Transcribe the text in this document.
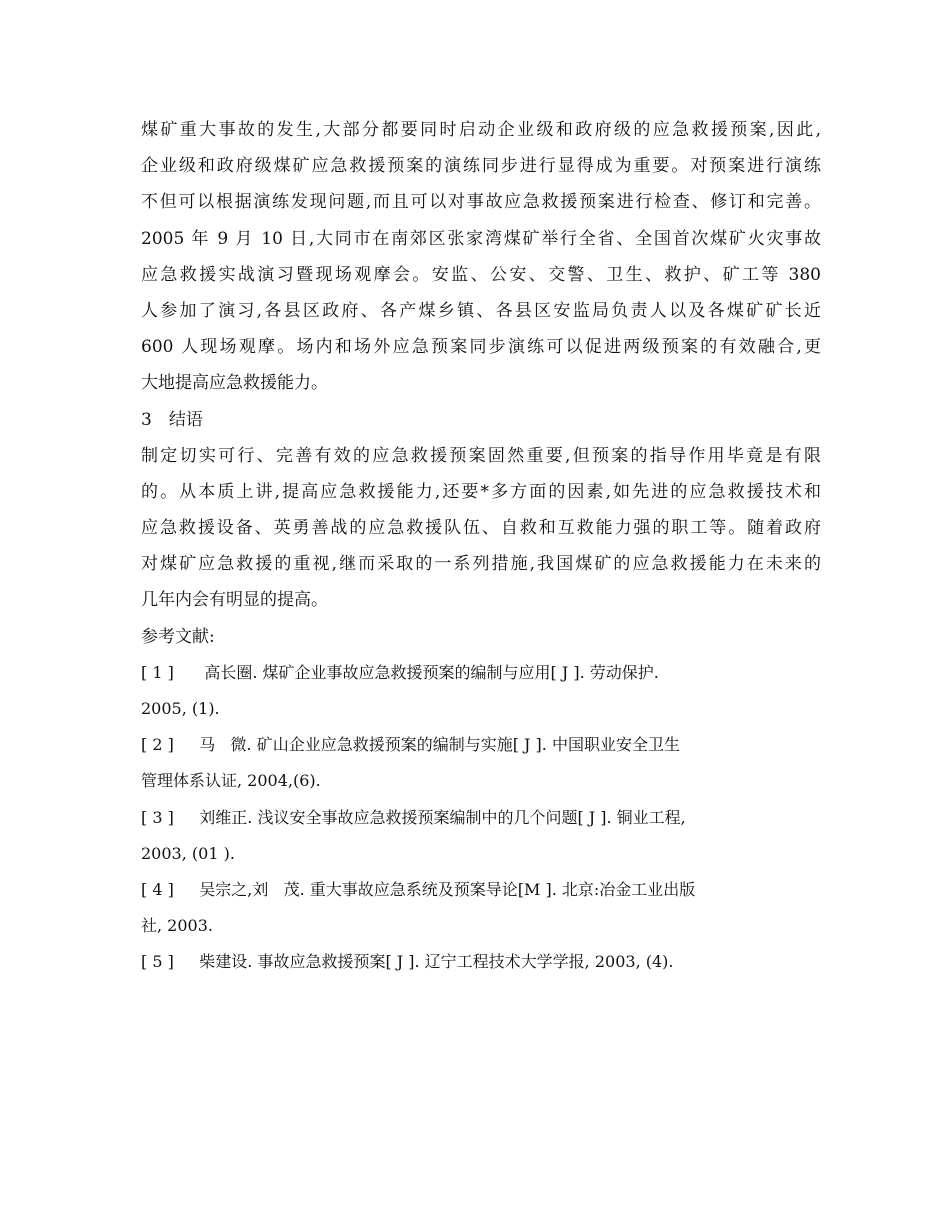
煤矿重大事故的发生,大部分都要同时启动企业级和政府级的应急救援预案,因此,
企业级和政府级煤矿应急救援预案的演练同步进行显得成为重要。对预案进行演练
不但可以根据演练发现问题,而且可以对事故应急救援预案进行检查、修订和完善。
2005 年 9 月 10 日,大同市在南郊区张家湾煤矿举行全省、全国首次煤矿火灾事故
应急救援实战演习暨现场观摩会。安监、公安、交警、卫生、救护、矿工等 380
人参加了演习,各县区政府、各产煤乡镇、各县区安监局负责人以及各煤矿矿长近
600 人现场观摩。场内和场外应急预案同步演练可以促进两级预案的有效融合,更
大地提高应急救援能力。
3　结语
制定切实可行、完善有效的应急救援预案固然重要,但预案的指导作用毕竟是有限
的。从本质上讲,提高应急救援能力,还要*多方面的因素,如先进的应急救援技术和
应急救援设备、英勇善战的应急救援队伍、自救和互救能力强的职工等。随着政府
对煤矿应急救援的重视,继而采取的一系列措施,我国煤矿的应急救援能力在未来的
几年内会有明显的提高。
参考文献:
[ 1 ]      高长圈. 煤矿企业事故应急救援预案的编制与应用[ J ]. 劳动保护.
2005, (1).
[ 2 ]     马   微. 矿山企业应急救援预案的编制与实施[ J ]. 中国职业安全卫生
管理体系认证, 2004,(6).
[ 3 ]     刘维正. 浅议安全事故应急救援预案编制中的几个问题[ J ]. 铜业工程,
2003, (01 ).
[ 4 ]     吴宗之,刘   茂. 重大事故应急系统及预案导论[M ]. 北京:冶金工业出版
社, 2003.
[ 5 ]     柴建设. 事故应急救援预案[ J ]. 辽宁工程技术大学学报, 2003, (4).
